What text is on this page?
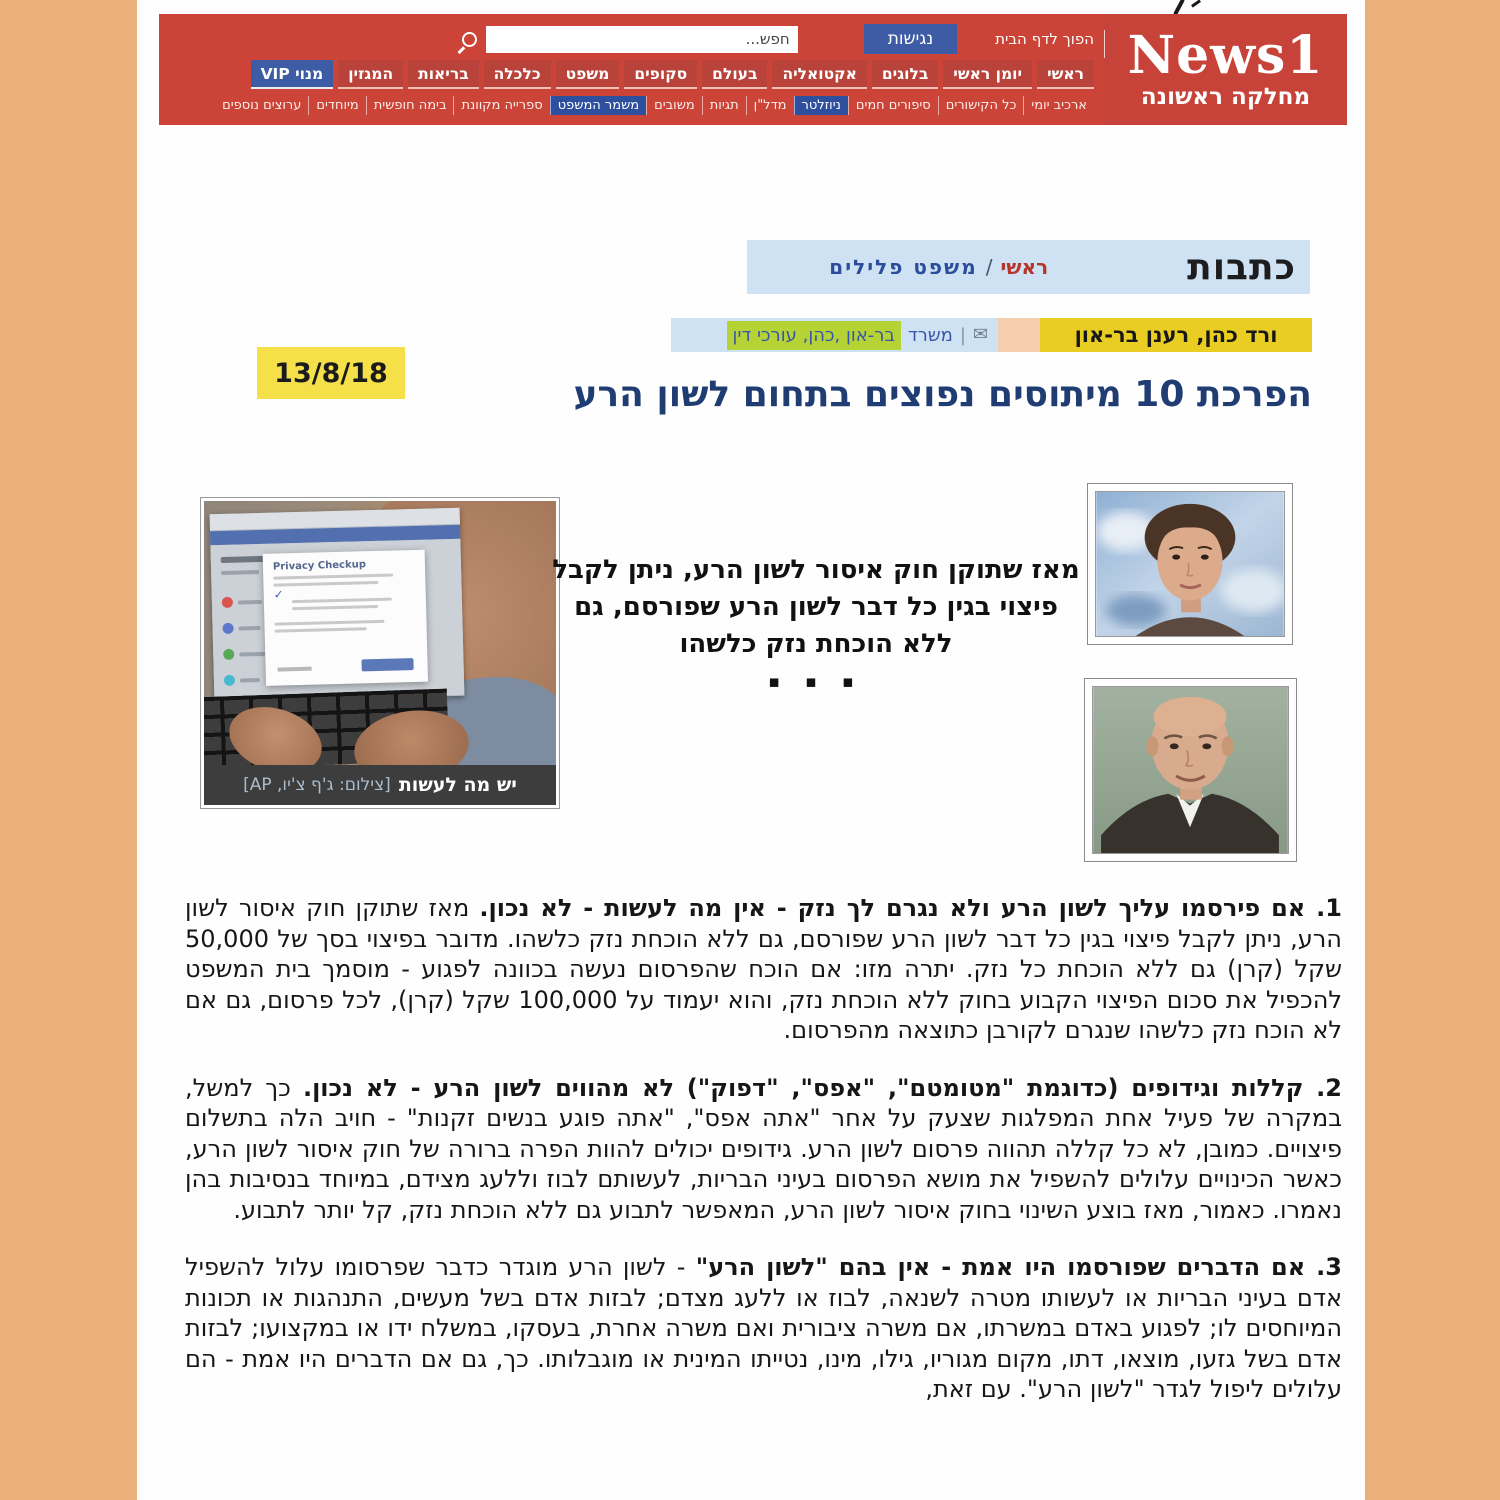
News1
מחלקה ראשונה
הפוך לדף הבית
נגישות
חפש...
ראשי
יומן ראשי
בלוגים
אקטואליה
בעולם
סקופים
משפט
כלכלה
בריאות
המגזין
מנוי VIP
ארכיב יומי
כל הקישורים
סיפורים חמים
ניוזלטר
מדל"ן
תגיות
משובים
משמר המשפט
ספרייה מקוונת
בימה חופשית
מיוחדים
ערוצים נוספים
כתבות
ראשי
/
משפט פלילים
ורד כהן, רענן בר-און
✉
|
משרד
בר-און ,כהן, עורכי דין
13/8/18
הפרכת 10 מיתוסים נפוצים בתחום לשון הרע
Privacy Checkup
✓
יש מה לעשות
[צילום: ג'ף צ'יו, AP]
מאז שתוקן חוק איסור לשון הרע, ניתן לקבל פיצוי בגין כל דבר לשון הרע שפורסם, גם ללא הוכחת נזק כלשהו
▪ ▪ ▪

1. אם פירסמו עליך לשון הרע ולא נגרם לך נזק - אין מה לעשות - לא נכון. מאז שתוקן חוק איסור לשון הרע, ניתן לקבל פיצוי בגין כל דבר לשון הרע שפורסם, גם ללא הוכחת נזק כלשהו. מדובר בפיצוי בסך של 50,000 שקל (קרן) גם ללא הוכחת כל נזק. יתרה מזו: אם הוכח שהפרסום נעשה בכוונה לפגוע - מוסמך בית המשפט להכפיל את סכום הפיצוי הקבוע בחוק ללא הוכחת נזק, והוא יעמוד על 100,000 שקל (קרן), לכל פרסום, גם אם לא הוכח נזק כלשהו שנגרם לקורבן כתוצאה מהפרסום.

2. קללות וגידופים (כדוגמת "מטומטם", "אפס", "דפוק") לא מהווים לשון הרע - לא נכון. כך למשל, במקרה של פעיל אחת המפלגות שצעק על אחר "אתה אפס", "אתה פוגע בנשים זקנות" - חויב הלה בתשלום פיצויים. כמובן, לא כל קללה תהווה פרסום לשון הרע. גידופים יכולים להוות הפרה ברורה של חוק איסור לשון הרע, כאשר הכינויים עלולים להשפיל את מושא הפרסום בעיני הבריות, לעשותם לבוז וללעג מצידם, במיוחד בנסיבות בהן נאמרו. כאמור, מאז בוצע השינוי בחוק איסור לשון הרע, המאפשר לתבוע גם ללא הוכחת נזק, קל יותר לתבוע.

3. אם הדברים שפורסמו היו אמת - אין בהם "לשון הרע" - לשון הרע מוגדר כדבר שפרסומו עלול להשפיל אדם בעיני הבריות או לעשותו מטרה לשנאה, לבוז או ללעג מצדם; לבזות אדם בשל מעשים, התנהגות או תכונות המיוחסים לו; לפגוע באדם במשרתו, אם משרה ציבורית ואם משרה אחרת, בעסקו, במשלח ידו או במקצועו; לבזות אדם בשל גזעו, מוצאו, דתו, מקום מגוריו, גילו, מינו, נטייתו המינית או מוגבלותו. כך, גם אם הדברים היו אמת - הם עלולים ליפול לגדר "לשון הרע". עם זאת,
